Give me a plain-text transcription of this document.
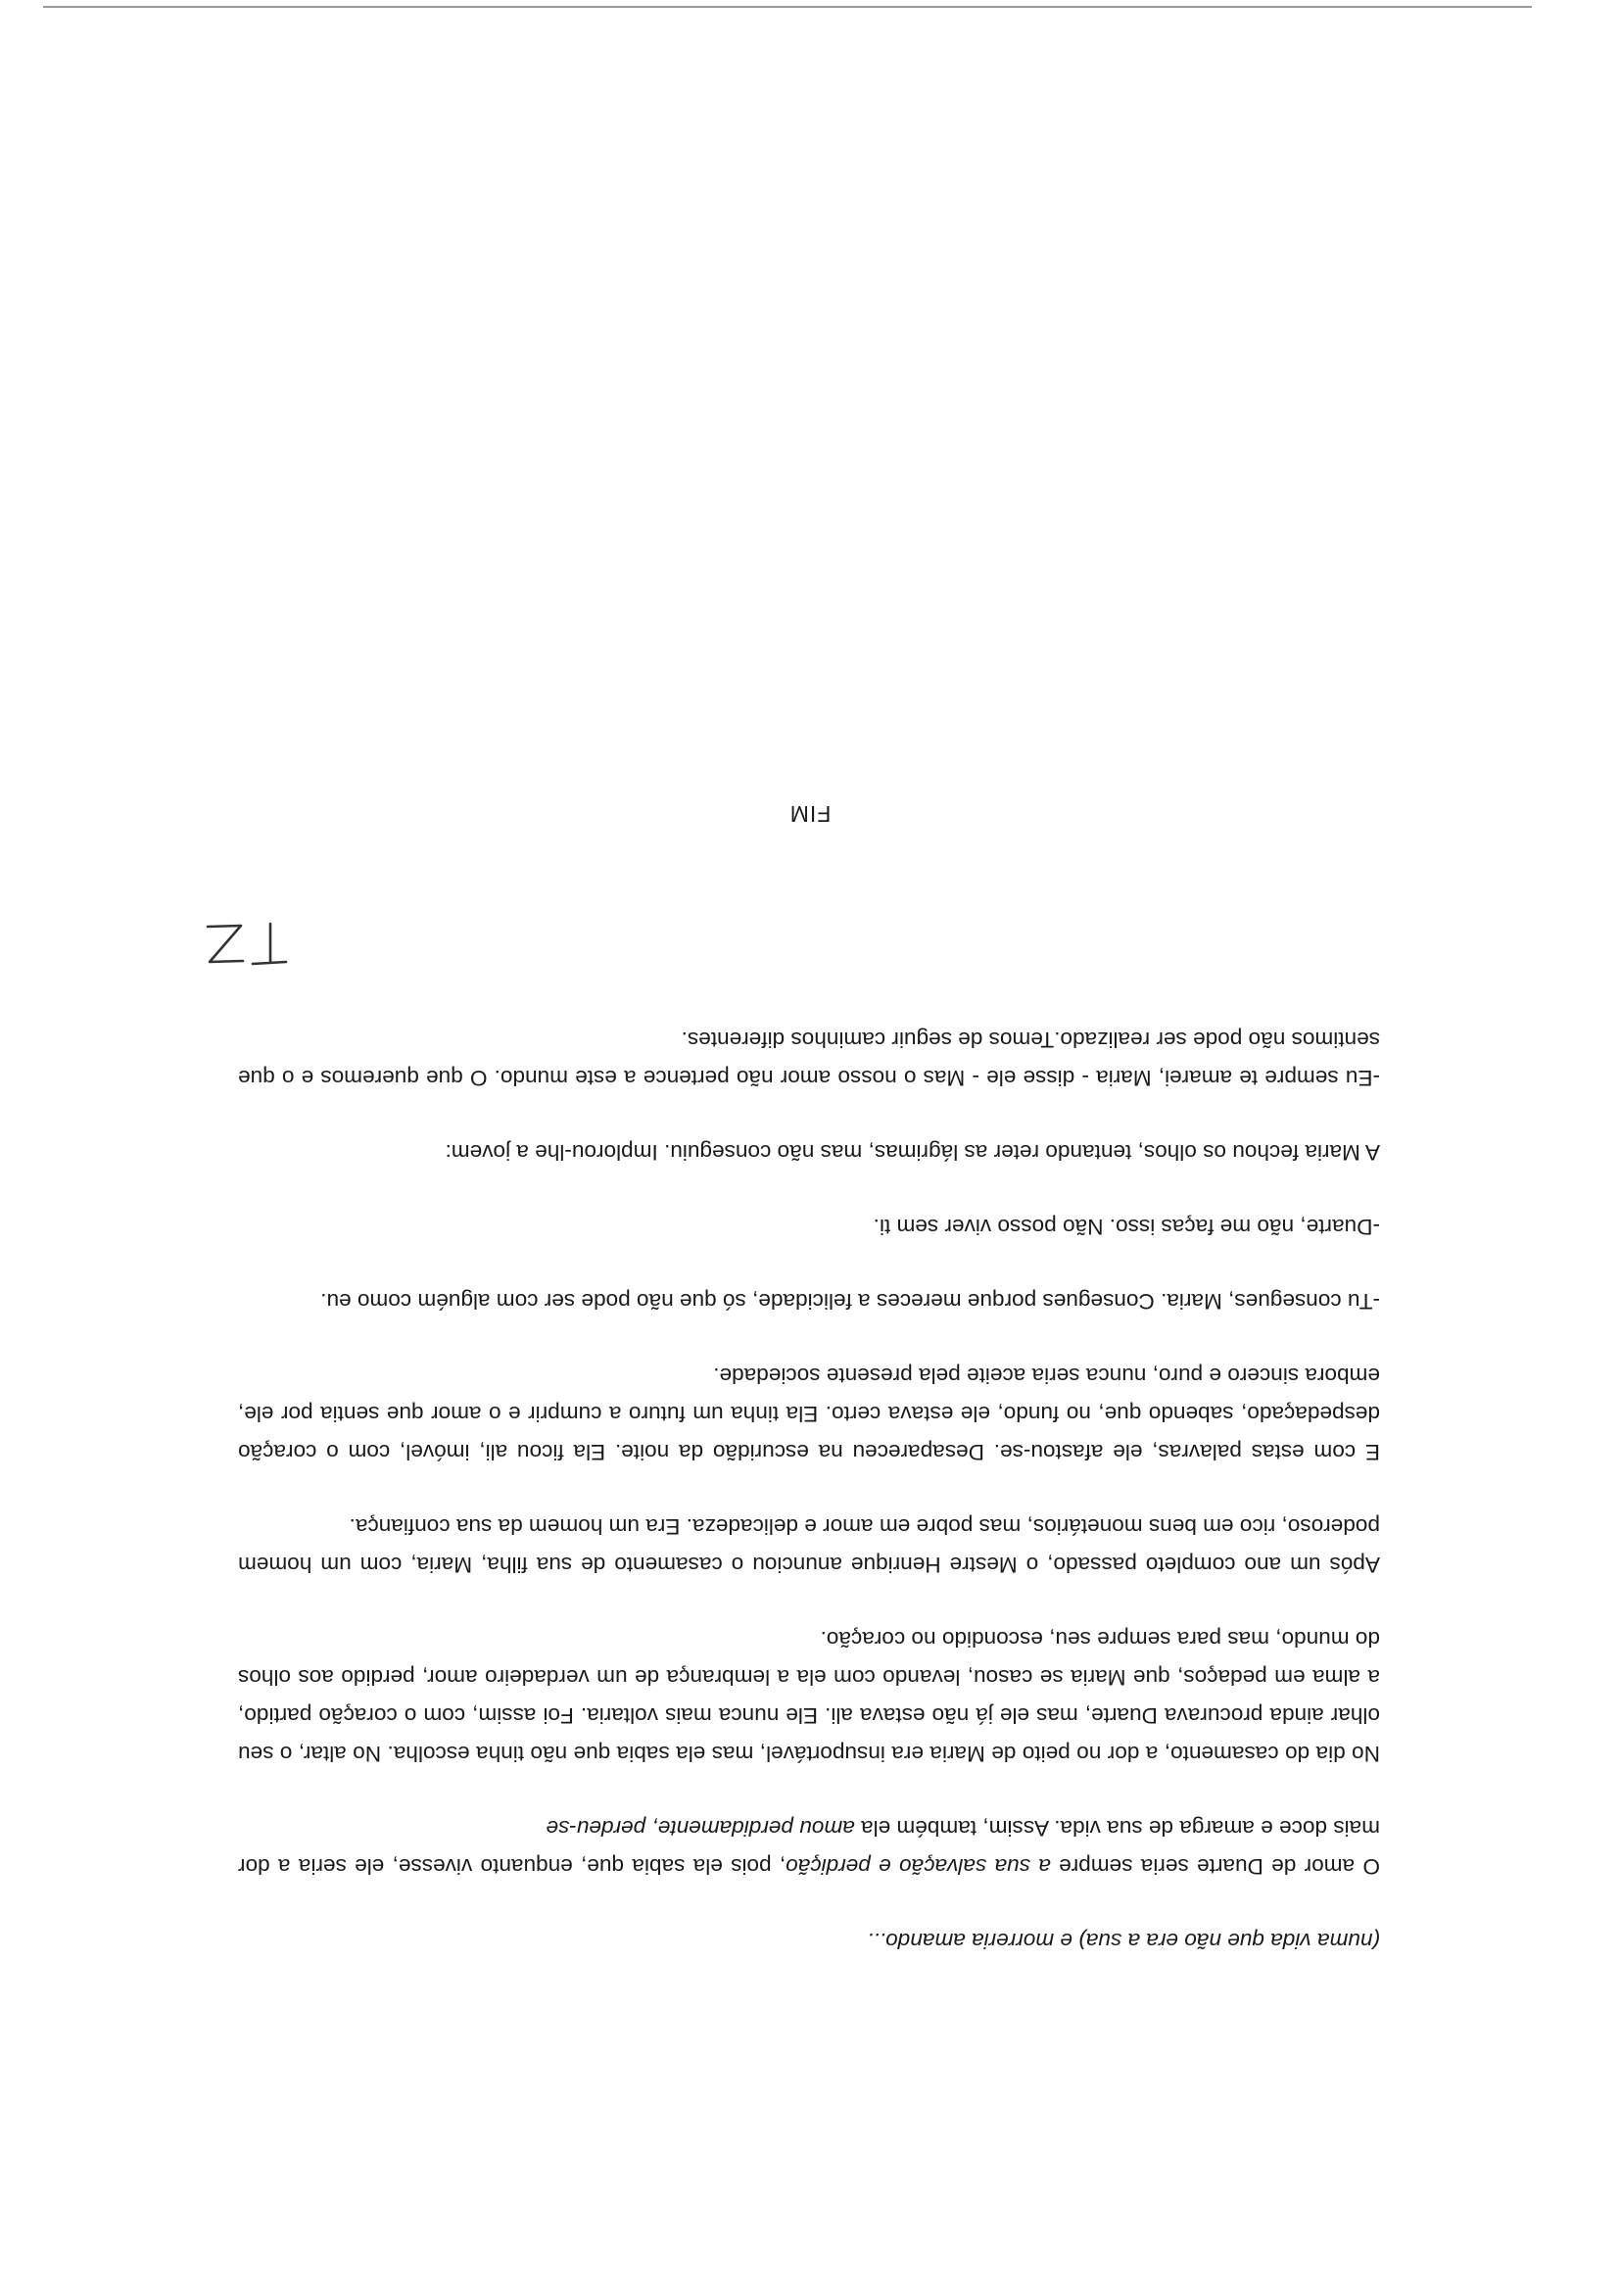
(numa vida que não era a sua) e morreria amando...

O amor de Duarte seria sempre a sua salvação e perdição, pois ela sabia que, enquanto vivesse, ele seria a dor mais doce e amarga de sua vida. Assim, também ela amou perdidamente, perdeu-se

No dia do casamento, a dor no peito de Maria era insuportável, mas ela sabia que não tinha escolha. No altar, o seu olhar ainda procurava Duarte, mas ele já não estava ali. Ele nunca mais voltaria. Foi assim, com o coração partido, a alma em pedaços, que Maria se casou, levando com ela a lembrança de um verdadeiro amor, perdido aos olhos do mundo, mas para sempre seu, escondido no coração.

Após um ano completo passado, o Mestre Henrique anunciou o casamento de sua filha, Maria, com um homem poderoso, rico em bens monetários, mas pobre em amor e delicadeza. Era um homem da sua confiança.

E com estas palavras, ele afastou-se. Desapareceu na escuridão da noite. Ela ficou ali, imóvel, com o coração despedaçado, sabendo que, no fundo, ele estava certo. Ela tinha um futuro a cumprir e o amor que sentia por ele, embora sincero e puro, nunca seria aceite pela presente sociedade.

-Tu consegues, Maria. Consegues porque mereces a felicidade, só que não pode ser com alguém como eu.

-Duarte, não me faças isso. Não posso viver sem ti.

A Maria fechou os olhos, tentando reter as lágrimas, mas não conseguiu. Implorou-lhe a jovem:

-Eu sempre te amarei, Maria - disse ele - Mas o nosso amor não pertence a este mundo. O que queremos e o que sentimos não pode ser realizado.Temos de seguir caminhos diferentes.

FIM
